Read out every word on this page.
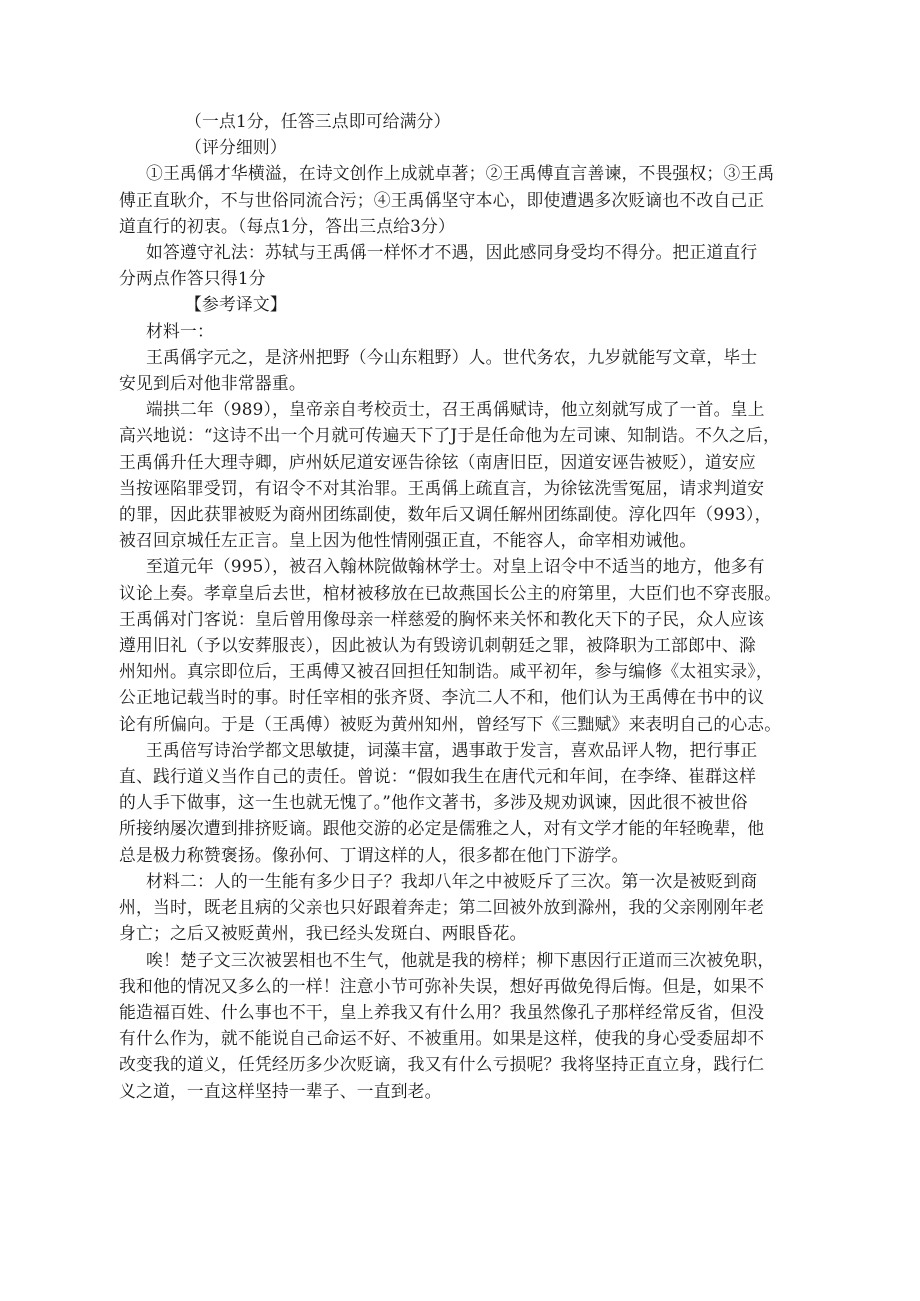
（一点1分，任答三点即可给满分）
（评分细则）
①王禹偁才华横溢，在诗文创作上成就卓著；②王禹傅直言善谏，不畏强权；③王禹
傅正直耿介，不与世俗同流合污；④王禹偁坚守本心，即使遭遇多次贬谪也不改自己正
道直行的初衷。（每点1分，答出三点给3分）
如答遵守礼法：苏轼与王禹偁一样怀才不遇，因此感同身受均不得分。把正道直行
分两点作答只得1分
【参考译文】
材料一：
王禹偁字元之，是济州把野（今山东粗野）人。世代务农，九岁就能写文章，毕士
安见到后对他非常器重。
端拱二年（989），皇帝亲自考校贡士，召王禹偁赋诗，他立刻就写成了一首。皇上
高兴地说：“这诗不出一个月就可传遍天下了J于是任命他为左司谏、知制诰。不久之后，
王禹偁升任大理寺卿，庐州妖尼道安诬告徐铉（南唐旧臣，因道安诬告被贬），道安应
当按诬陷罪受罚，有诏令不对其治罪。王禹偁上疏直言，为徐铉洗雪冤屈，请求判道安
的罪，因此获罪被贬为商州团练副使，数年后又调任解州团练副使。淳化四年（993），
被召回京城任左正言。皇上因为他性情刚强正直，不能容人，命宰相劝诫他。
至道元年（995），被召入翰林院做翰林学士。对皇上诏令中不适当的地方，他多有
议论上奏。孝章皇后去世，棺材被移放在已故燕国长公主的府第里，大臣们也不穿丧服。
王禹偁对门客说：皇后曾用像母亲一样慈爱的胸怀来关怀和教化天下的子民，众人应该
遵用旧礼（予以安葬服丧），因此被认为有毁谤讥刺朝廷之罪，被降职为工部郎中、滁
州知州。真宗即位后，王禹傅又被召回担任知制诰。咸平初年，参与编修《太祖实录》，
公正地记载当时的事。时任宰相的张齐贤、李沆二人不和，他们认为王禹傅在书中的议
论有所偏向。于是（王禹傅）被贬为黄州知州，曾经写下《三黜赋》来表明自己的心志。
王禹倍写诗治学都文思敏捷，词藻丰富，遇事敢于发言，喜欢品评人物，把行事正
直、践行道义当作自己的责任。曾说：“假如我生在唐代元和年间，在李绛、崔群这样
的人手下做事，这一生也就无愧了。”他作文著书，多涉及规劝讽谏，因此很不被世俗
所接纳屡次遭到排挤贬谪。跟他交游的必定是儒雅之人，对有文学才能的年轻晚辈，他
总是极力称赞褒扬。像孙何、丁谓这样的人，很多都在他门下游学。
材料二：人的一生能有多少日子？我却八年之中被贬斥了三次。第一次是被贬到商
州，当时，既老且病的父亲也只好跟着奔走；第二回被外放到滁州，我的父亲刚刚年老
身亡；之后又被贬黄州，我已经头发斑白、两眼昏花。
唉！楚子文三次被罢相也不生气，他就是我的榜样；柳下惠因行正道而三次被免职，
我和他的情况又多么的一样！注意小节可弥补失误，想好再做免得后悔。但是，如果不
能造福百姓、什么事也不干，皇上养我又有什么用？我虽然像孔子那样经常反省，但没
有什么作为，就不能说自己命运不好、不被重用。如果是这样，使我的身心受委屈却不
改变我的道义，任凭经历多少次贬谪，我又有什么亏损呢？我将坚持正直立身，践行仁
义之道，一直这样坚持一辈子、一直到老。
